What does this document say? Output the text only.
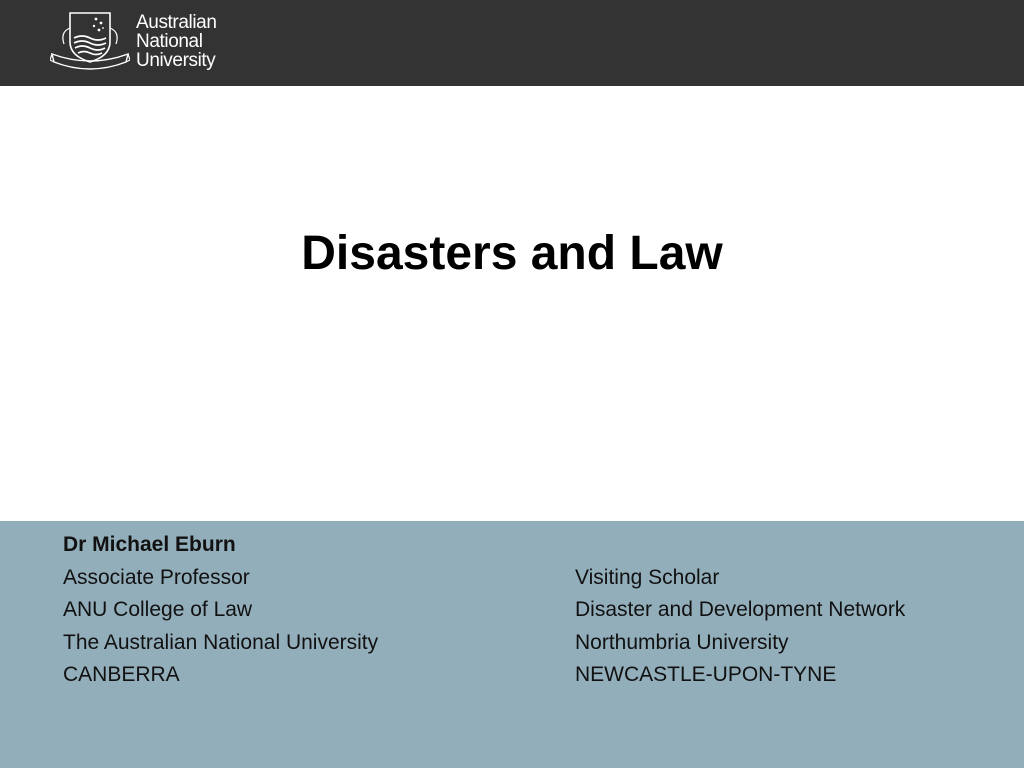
Australian
National
University
Disasters and Law
Dr Michael Eburn
Associate Professor
ANU College of Law
The Australian National University
CANBERRA
Visiting Scholar
Disaster and Development Network
Northumbria University
NEWCASTLE-UPON-TYNE
